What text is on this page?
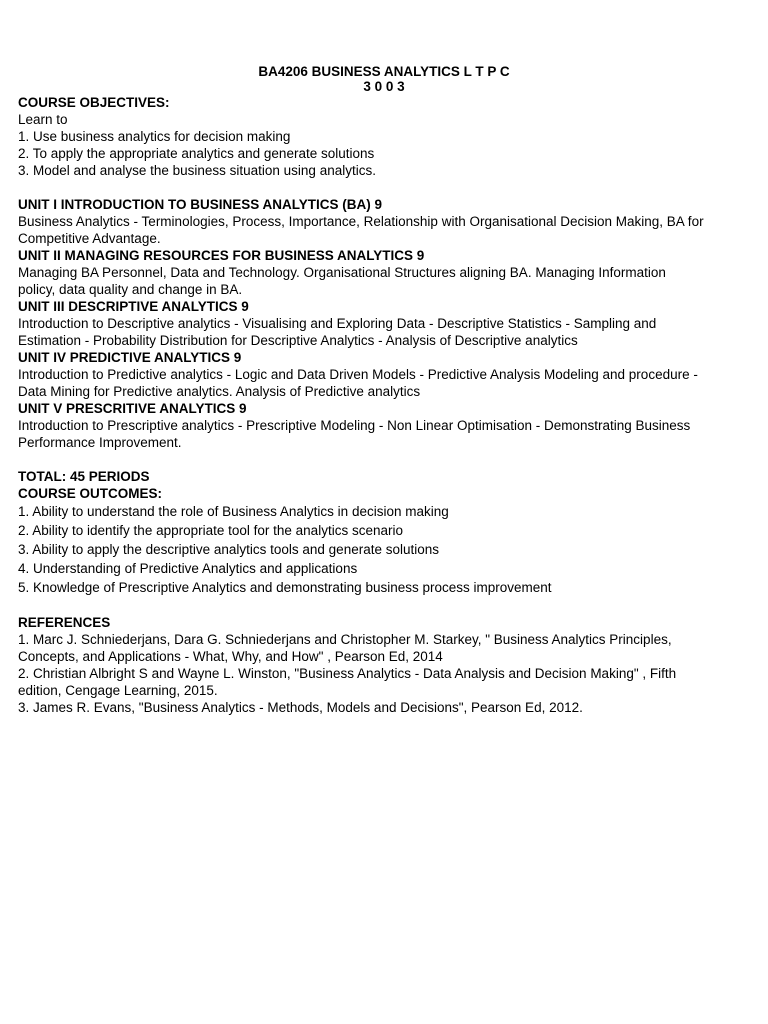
BA4206 BUSINESS ANALYTICS L T P C
3 0 0 3
COURSE OBJECTIVES:
Learn to
1. Use business analytics for decision making
2. To apply the appropriate analytics and generate solutions
3. Model and analyse the business situation using analytics.
UNIT I INTRODUCTION TO BUSINESS ANALYTICS (BA) 9
Business Analytics - Terminologies, Process, Importance, Relationship with Organisational Decision Making, BA for
Competitive Advantage.
UNIT II MANAGING RESOURCES FOR BUSINESS ANALYTICS 9
Managing BA Personnel, Data and Technology. Organisational Structures aligning BA. Managing Information
policy, data quality and change in BA.
UNIT III DESCRIPTIVE ANALYTICS 9
Introduction to Descriptive analytics - Visualising and Exploring Data - Descriptive Statistics - Sampling and
Estimation - Probability Distribution for Descriptive Analytics - Analysis of Descriptive analytics
UNIT IV PREDICTIVE ANALYTICS 9
Introduction to Predictive analytics - Logic and Data Driven Models - Predictive Analysis Modeling and procedure -
Data Mining for Predictive analytics. Analysis of Predictive analytics
UNIT V PRESCRITIVE ANALYTICS 9
Introduction to Prescriptive analytics - Prescriptive Modeling - Non Linear Optimisation - Demonstrating Business
Performance Improvement.
TOTAL: 45 PERIODS
COURSE OUTCOMES:
1. Ability to understand the role of Business Analytics in decision making
2. Ability to identify the appropriate tool for the analytics scenario
3. Ability to apply the descriptive analytics tools and generate solutions
4. Understanding of Predictive Analytics and applications
5. Knowledge of Prescriptive Analytics and demonstrating business process improvement
REFERENCES
1. Marc J. Schniederjans, Dara G. Schniederjans and Christopher M. Starkey, " Business Analytics Principles,
Concepts, and Applications - What, Why, and How" , Pearson Ed, 2014
2. Christian Albright S and Wayne L. Winston, "Business Analytics - Data Analysis and Decision Making" , Fifth
edition, Cengage Learning, 2015.
3. James R. Evans, "Business Analytics - Methods, Models and Decisions", Pearson Ed, 2012.
